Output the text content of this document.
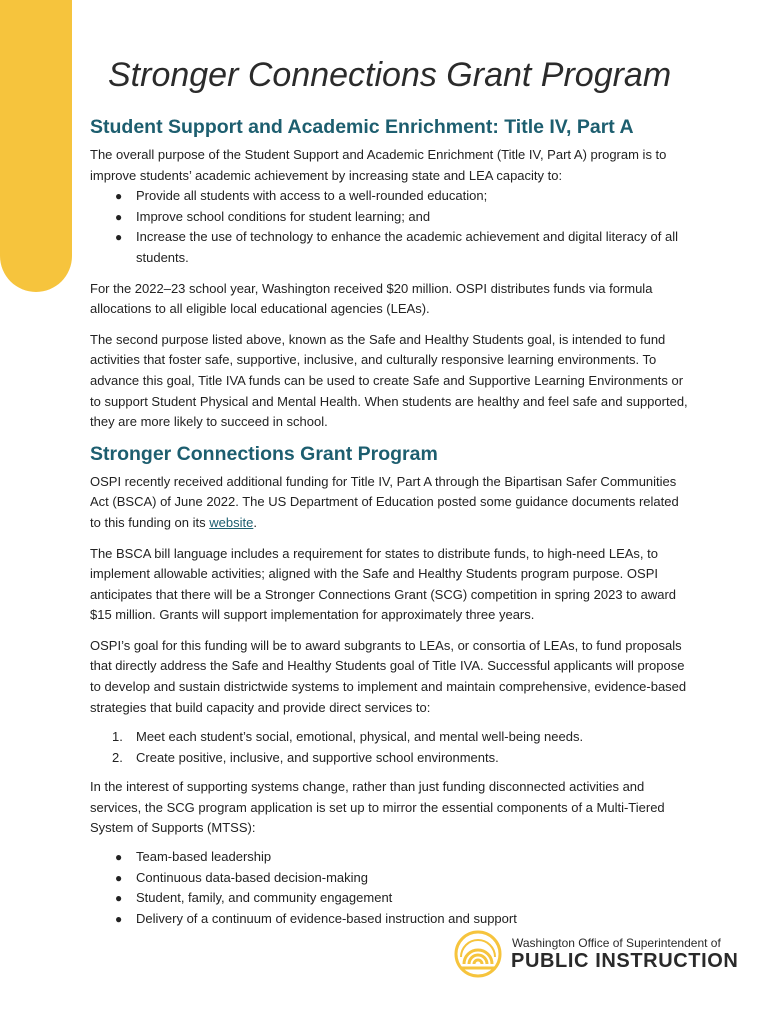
Stronger Connections Grant Program
Student Support and Academic Enrichment: Title IV, Part A

The overall purpose of the Student Support and Academic Enrichment (Title IV, Part A) program is to improve students’ academic achievement by increasing state and LEA capacity to:

● Provide all students with access to a well-rounded education;
● Improve school conditions for student learning; and
● Increase the use of technology to enhance the academic achievement and digital literacy of all students.

For the 2022–23 school year, Washington received $20 million. OSPI distributes funds via formula allocations to all eligible local educational agencies (LEAs).

The second purpose listed above, known as the Safe and Healthy Students goal, is intended to fund activities that foster safe, supportive, inclusive, and culturally responsive learning environments. To advance this goal, Title IVA funds can be used to create Safe and Supportive Learning Environments or to support Student Physical and Mental Health. When students are healthy and feel safe and supported, they are more likely to succeed in school.

Stronger Connections Grant Program

OSPI recently received additional funding for Title IV, Part A through the Bipartisan Safer Communities Act (BSCA) of June 2022. The US Department of Education posted some guidance documents related to this funding on its website.

The BSCA bill language includes a requirement for states to distribute funds, to high-need LEAs, to implement allowable activities; aligned with the Safe and Healthy Students program purpose. OSPI anticipates that there will be a Stronger Connections Grant (SCG) competition in spring 2023 to award $15 million. Grants will support implementation for approximately three years.

OSPI’s goal for this funding will be to award subgrants to LEAs, or consortia of LEAs, to fund proposals that directly address the Safe and Healthy Students goal of Title IVA. Successful applicants will propose to develop and sustain districtwide systems to implement and maintain comprehensive, evidence-based strategies that build capacity and provide direct services to:

1. Meet each student’s social, emotional, physical, and mental well-being needs.
2. Create positive, inclusive, and supportive school environments.

In the interest of supporting systems change, rather than just funding disconnected activities and services, the SCG program application is set up to mirror the essential components of a Multi-Tiered System of Supports (MTSS):

● Team-based leadership
● Continuous data-based decision-making
● Student, family, and community engagement
● Delivery of a continuum of evidence-based instruction and support
Washington Office of Superintendent of
PUBLIC INSTRUCTION
